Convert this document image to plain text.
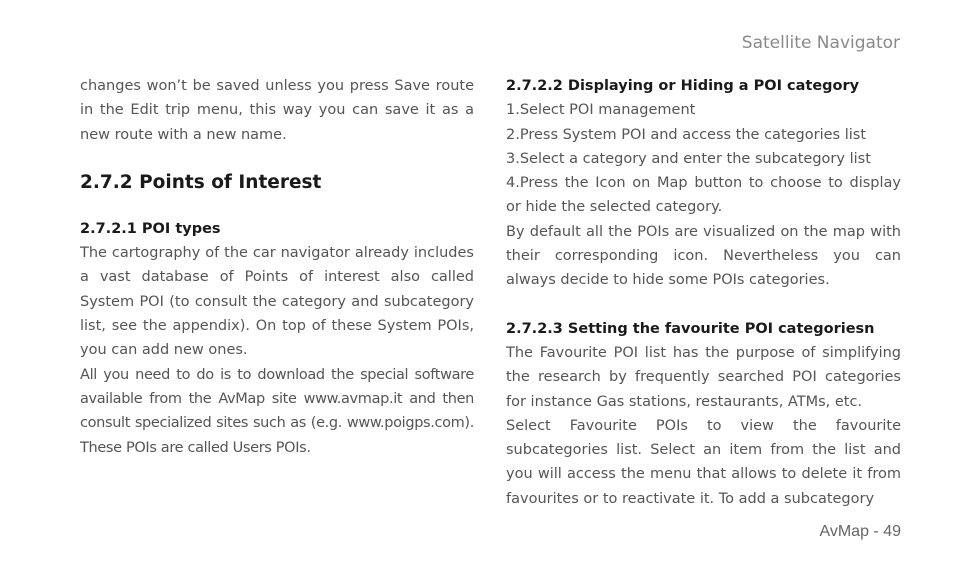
Satellite Navigator

changes won’t be saved unless you press Save route in the Edit trip menu, this way you can save it as a new route with a new name.

2.7.2 Points of Interest

2.7.2.1 POI types

The cartography of the car navigator already includes a vast database of Points of interest also called System POI (to consult the category and subcategory list, see the appendix). On top of these System POIs, you can add new ones.

All you need to do is to download the special software available from the AvMap site www.avmap.it and then consult specialized sites such as (e.g. www.poigps.com). These POIs are called Users POIs.

2.7.2.2 Displaying or Hiding a POI category

1.Select POI management

2.Press System POI and access the categories list

3.Select a category and enter the subcategory list

4.Press the Icon on Map button to choose to display or hide the selected category.

By default all the POIs are visualized on the map with their corresponding icon. Nevertheless you can always decide to hide some POIs categories.

2.7.2.3 Setting the favourite POI categoriesn

The Favourite POI list has the purpose of simplifying the research by frequently searched POI categories for instance Gas stations, restaurants, ATMs, etc.

Select Favourite POIs to view the favourite subcategories list. Select an item from the list and you will access the menu that allows to delete it from favourites or to reactivate it. To add a subcategory

AvMap - 49
